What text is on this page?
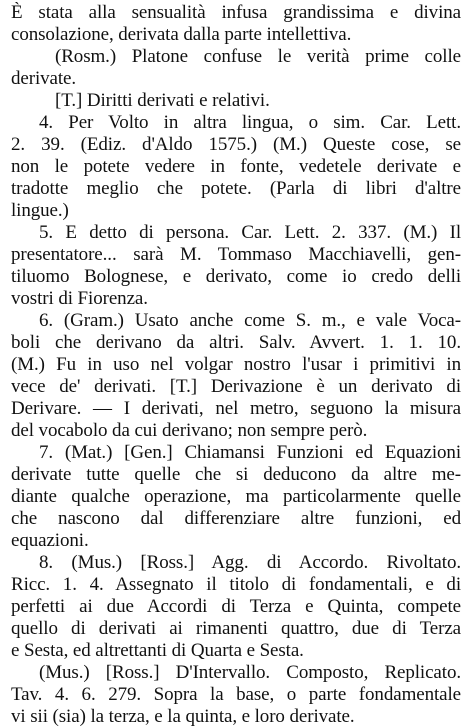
È stata alla sensualità infusa grandissima e divina
consolazione, derivata dalla parte intellettiva.
(Rosm.) Platone confuse le verità prime colle
derivate.
[T.] Diritti derivati e relativi.
4. Per Volto in altra lingua, o sim. Car. Lett.
2. 39. (Ediz. d'Aldo 1575.) (M.) Queste cose, se
non le potete vedere in fonte, vedetele derivate e
tradotte meglio che potete. (Parla di libri d'altre
lingue.)
5. E detto di persona. Car. Lett. 2. 337. (M.) Il
presentatore... sarà M. Tommaso Macchiavelli, gen-
tiluomo Bolognese, e derivato, come io credo delli
vostri di Fiorenza.
6. (Gram.) Usato anche come S. m., e vale Voca-
boli che derivano da altri. Salv. Avvert. 1. 1. 10.
(M.) Fu in uso nel volgar nostro l'usar i primitivi in
vece de' derivati. [T.] Derivazione è un derivato di
Derivare. — I derivati, nel metro, seguono la misura
del vocabolo da cui derivano; non sempre però.
7. (Mat.) [Gen.] Chiamansi Funzioni ed Equazioni
derivate tutte quelle che si deducono da altre me-
diante qualche operazione, ma particolarmente quelle
che nascono dal differenziare altre funzioni, ed
equazioni.
8. (Mus.) [Ross.] Agg. di Accordo. Rivoltato.
Ricc. 1. 4. Assegnato il titolo di fondamentali, e di
perfetti ai due Accordi di Terza e Quinta, compete
quello di derivati ai rimanenti quattro, due di Terza
e Sesta, ed altrettanti di Quarta e Sesta.
(Mus.) [Ross.] D'Intervallo. Composto, Replicato.
Tav. 4. 6. 279. Sopra la base, o parte fondamentale
vi sii (sia) la terza, e la quinta, e loro derivate.
